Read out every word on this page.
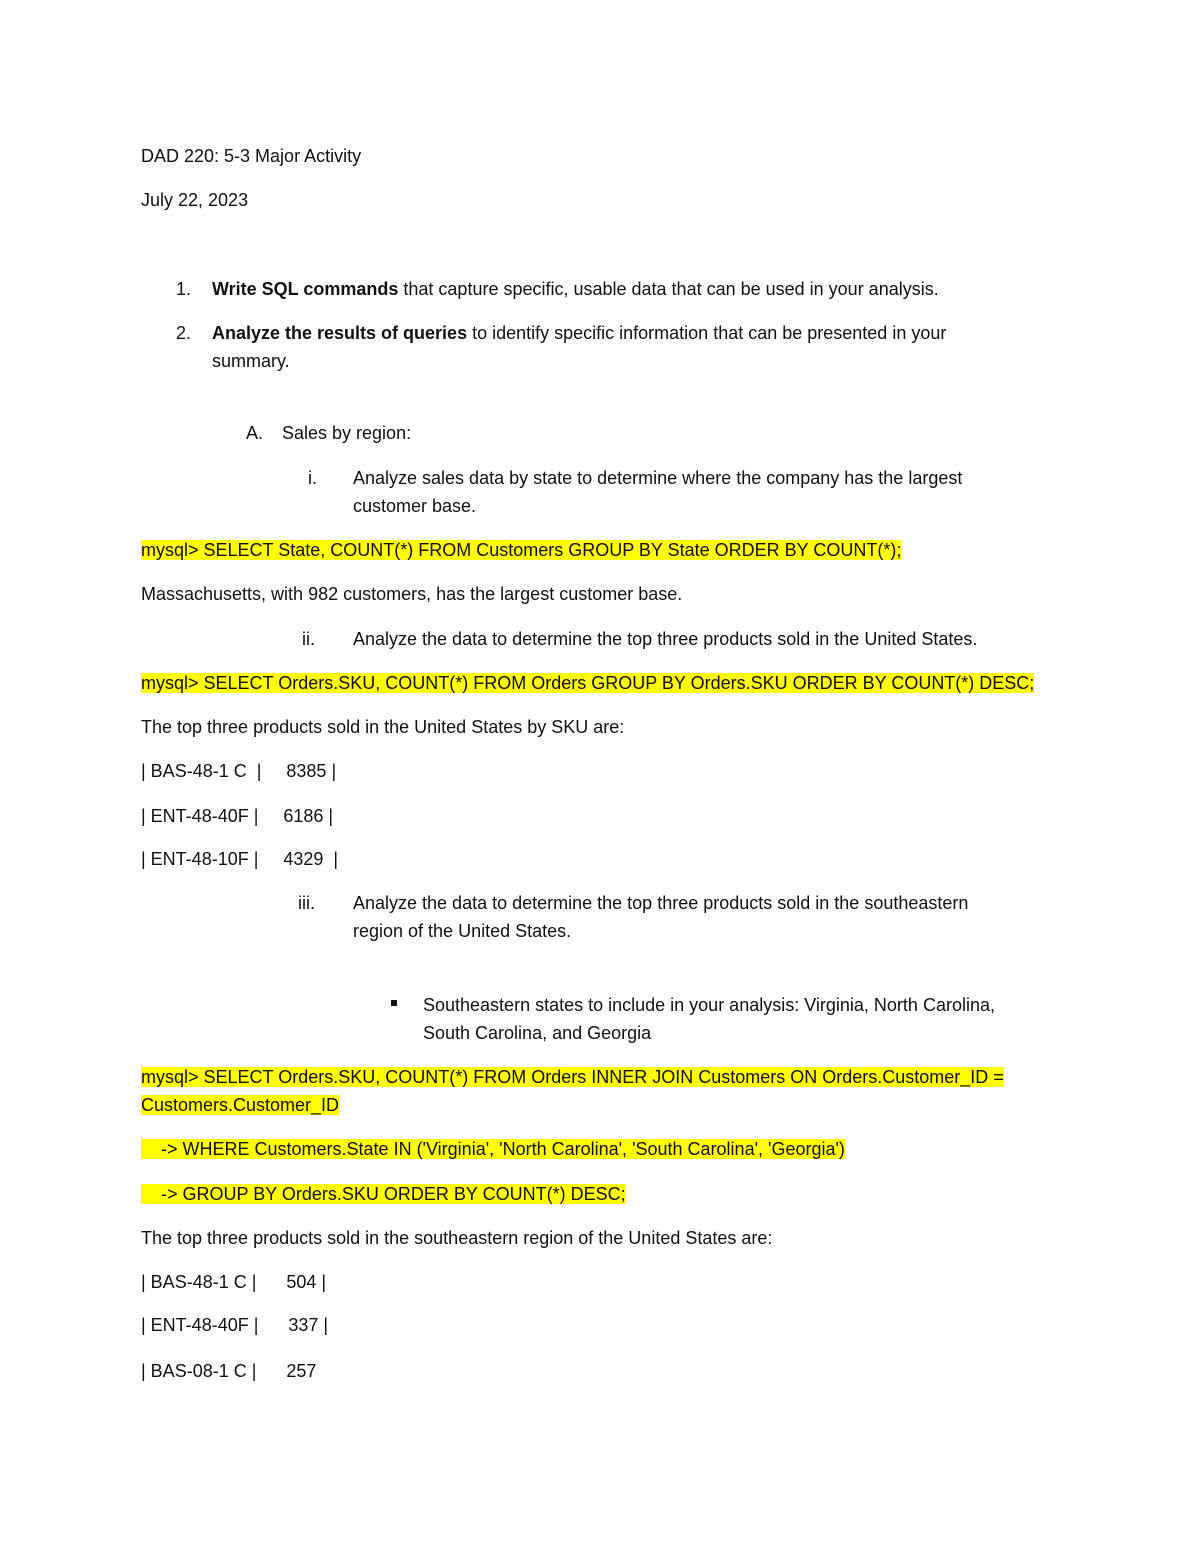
DAD 220: 5-3 Major Activity
July 22, 2023
1. Write SQL commands that capture specific, usable data that can be used in your analysis.
2. Analyze the results of queries to identify specific information that can be presented in your
summary.
A. Sales by region:
i. Analyze sales data by state to determine where the company has the largest
customer base.
mysql> SELECT State, COUNT(*) FROM Customers GROUP BY State ORDER BY COUNT(*);
Massachusetts, with 982 customers, has the largest customer base.
ii. Analyze the data to determine the top three products sold in the United States.
mysql> SELECT Orders.SKU, COUNT(*) FROM Orders GROUP BY Orders.SKU ORDER BY COUNT(*) DESC;
The top three products sold in the United States by SKU are:
| BAS-48-1 C  |     8385 |
| ENT-48-40F |     6186 |
| ENT-48-10F |     4329  |
iii. Analyze the data to determine the top three products sold in the southeastern
region of the United States.
Southeastern states to include in your analysis: Virginia, North Carolina,
South Carolina, and Georgia
mysql> SELECT Orders.SKU, COUNT(*) FROM Orders INNER JOIN Customers ON Orders.Customer_ID =
Customers.Customer_ID
-> WHERE Customers.State IN ('Virginia', 'North Carolina', 'South Carolina', 'Georgia')
-> GROUP BY Orders.SKU ORDER BY COUNT(*) DESC;
The top three products sold in the southeastern region of the United States are:
| BAS-48-1 C |      504 |
| ENT-48-40F |      337 |
| BAS-08-1 C |      257
